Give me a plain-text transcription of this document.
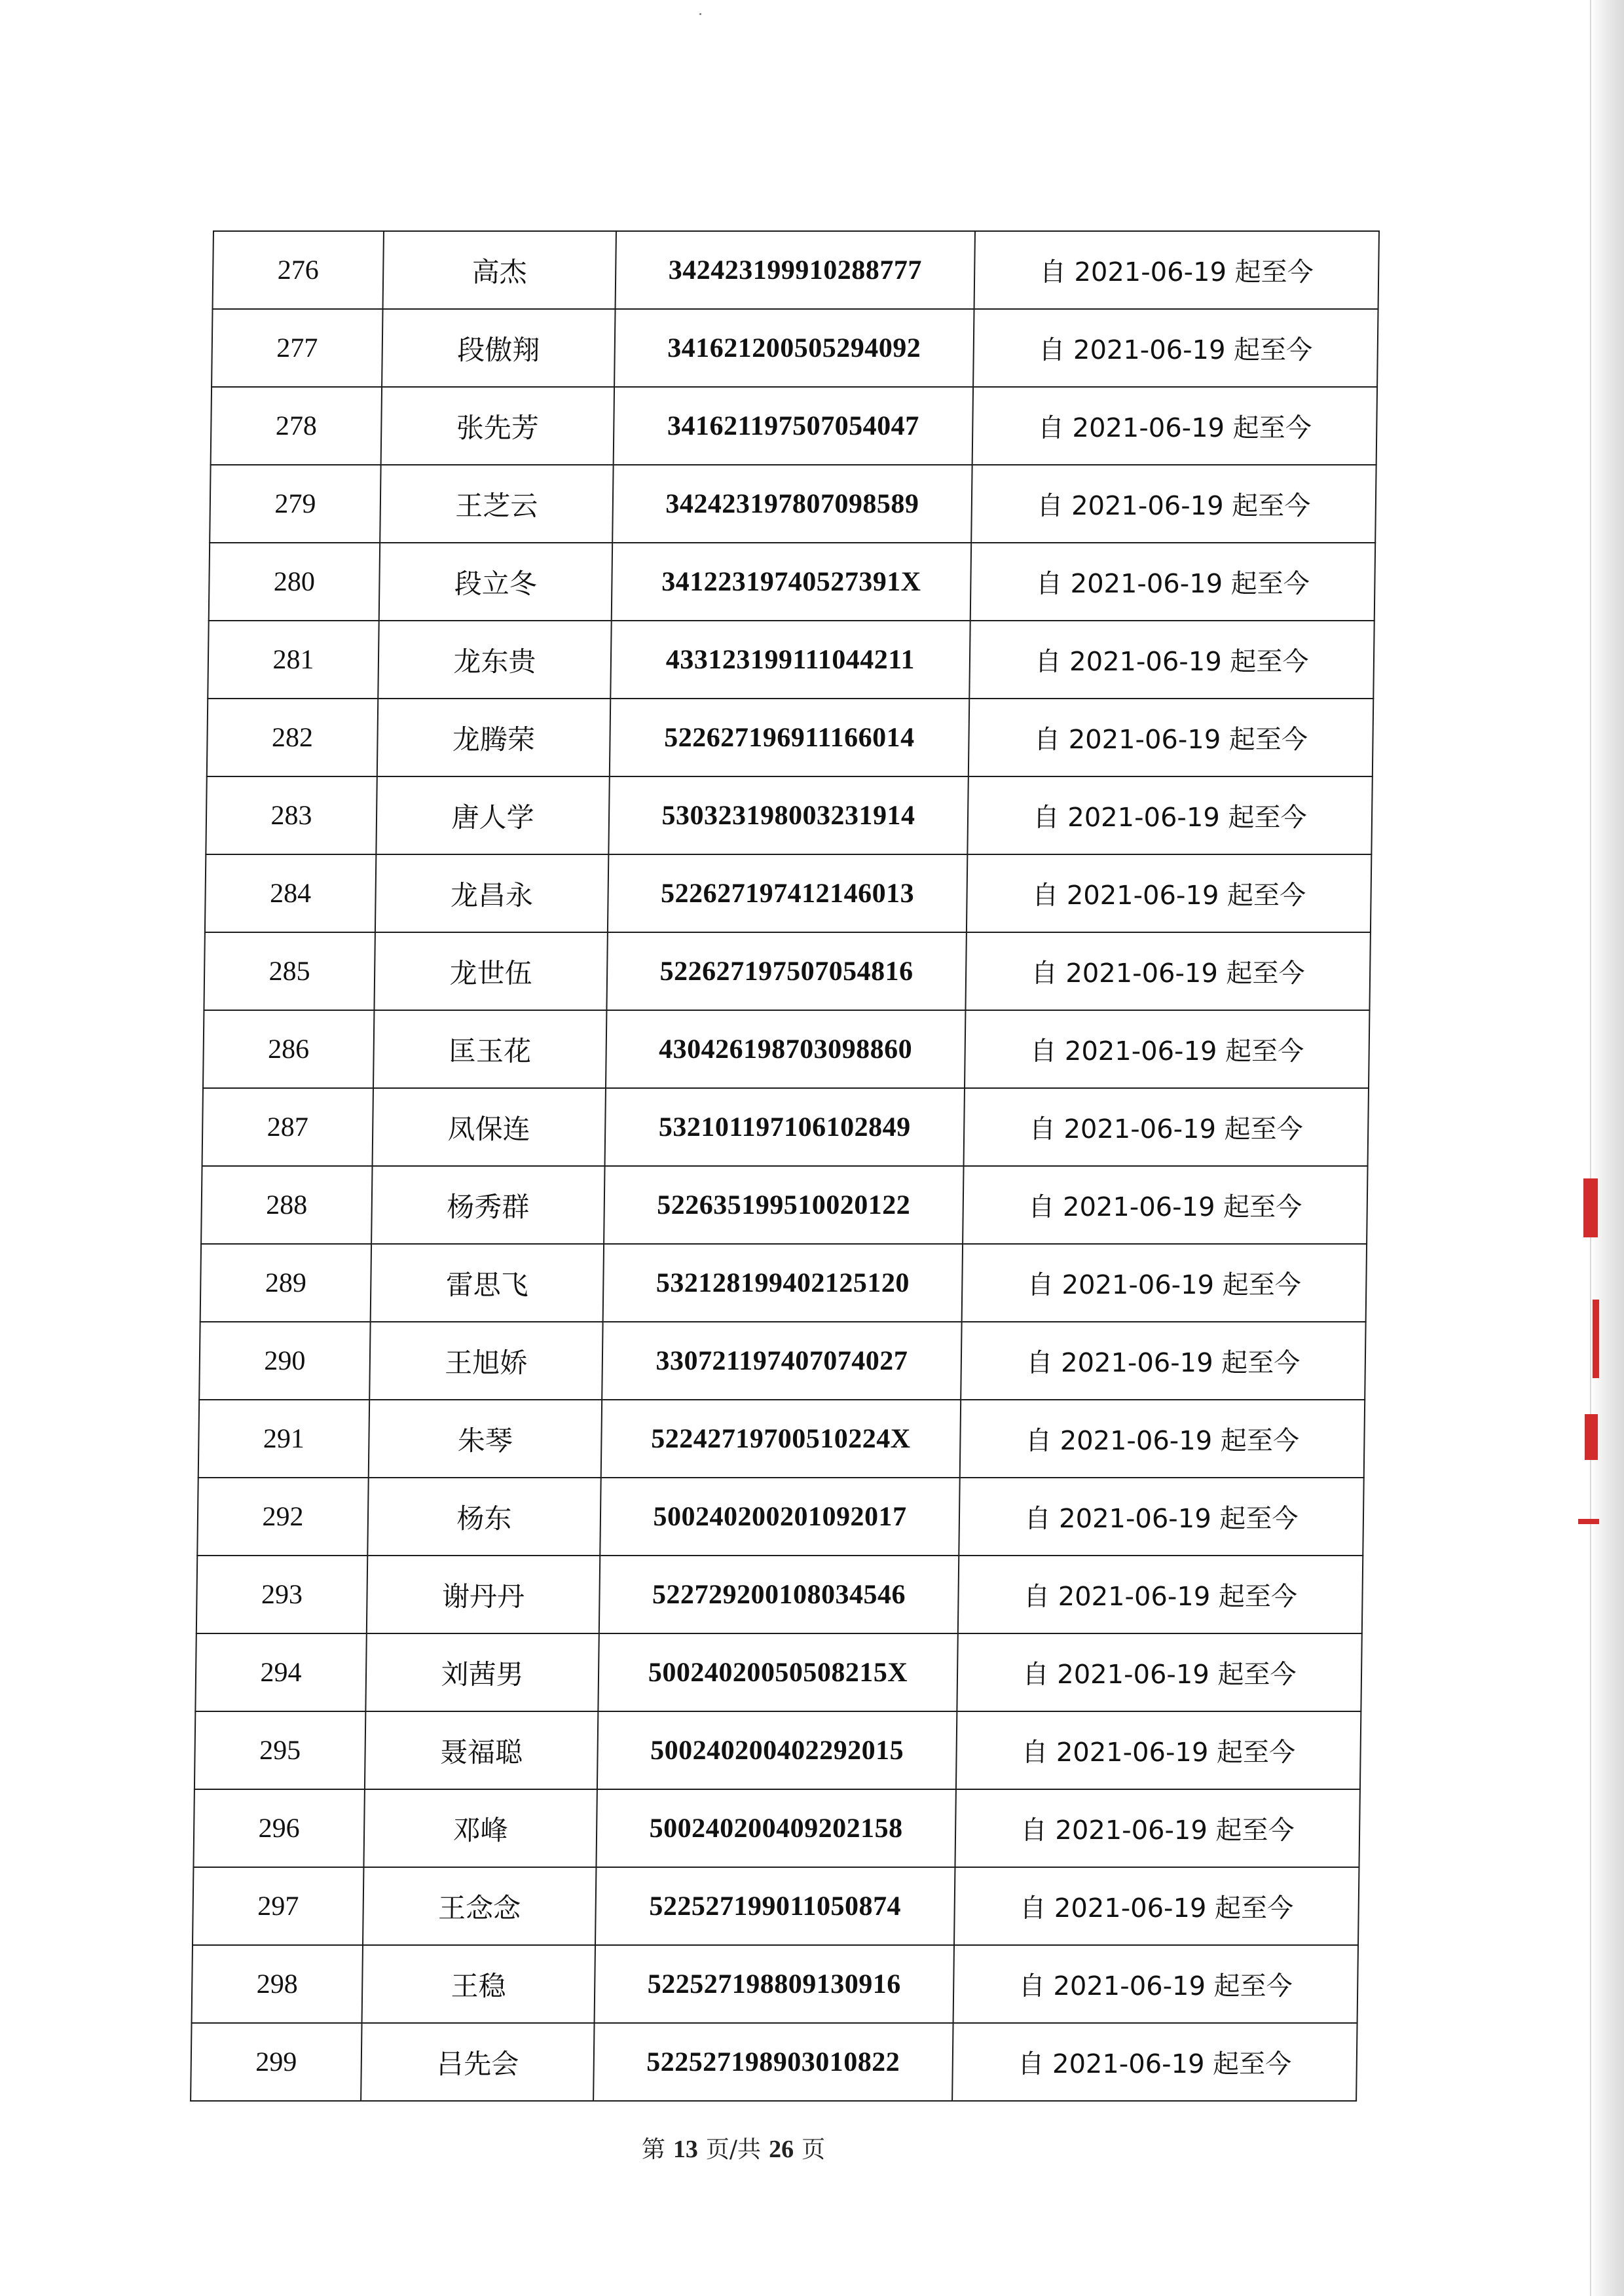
276	高杰	342423199910288777	自 2021-06-19 起至今
277	段傲翔	341621200505294092	自 2021-06-19 起至今
278	张先芳	341621197507054047	自 2021-06-19 起至今
279	王芝云	342423197807098589	自 2021-06-19 起至今
280	段立冬	34122319740527391X	自 2021-06-19 起至今
281	龙东贵	433123199111044211	自 2021-06-19 起至今
282	龙腾荣	522627196911166014	自 2021-06-19 起至今
283	唐人学	530323198003231914	自 2021-06-19 起至今
284	龙昌永	522627197412146013	自 2021-06-19 起至今
285	龙世伍	522627197507054816	自 2021-06-19 起至今
286	匡玉花	430426198703098860	自 2021-06-19 起至今
287	凤保连	532101197106102849	自 2021-06-19 起至今
288	杨秀群	522635199510020122	自 2021-06-19 起至今
289	雷思飞	532128199402125120	自 2021-06-19 起至今
290	王旭娇	330721197407074027	自 2021-06-19 起至今
291	朱琴	52242719700510224X	自 2021-06-19 起至今
292	杨东	500240200201092017	自 2021-06-19 起至今
293	谢丹丹	522729200108034546	自 2021-06-19 起至今
294	刘茜男	50024020050508215X	自 2021-06-19 起至今
295	聂福聪	500240200402292015	自 2021-06-19 起至今
296	邓峰	500240200409202158	自 2021-06-19 起至今
297	王念念	522527199011050874	自 2021-06-19 起至今
298	王稳	522527198809130916	自 2021-06-19 起至今
299	吕先会	522527198903010822	自 2021-06-19 起至今
第 13 页/共 26 页
